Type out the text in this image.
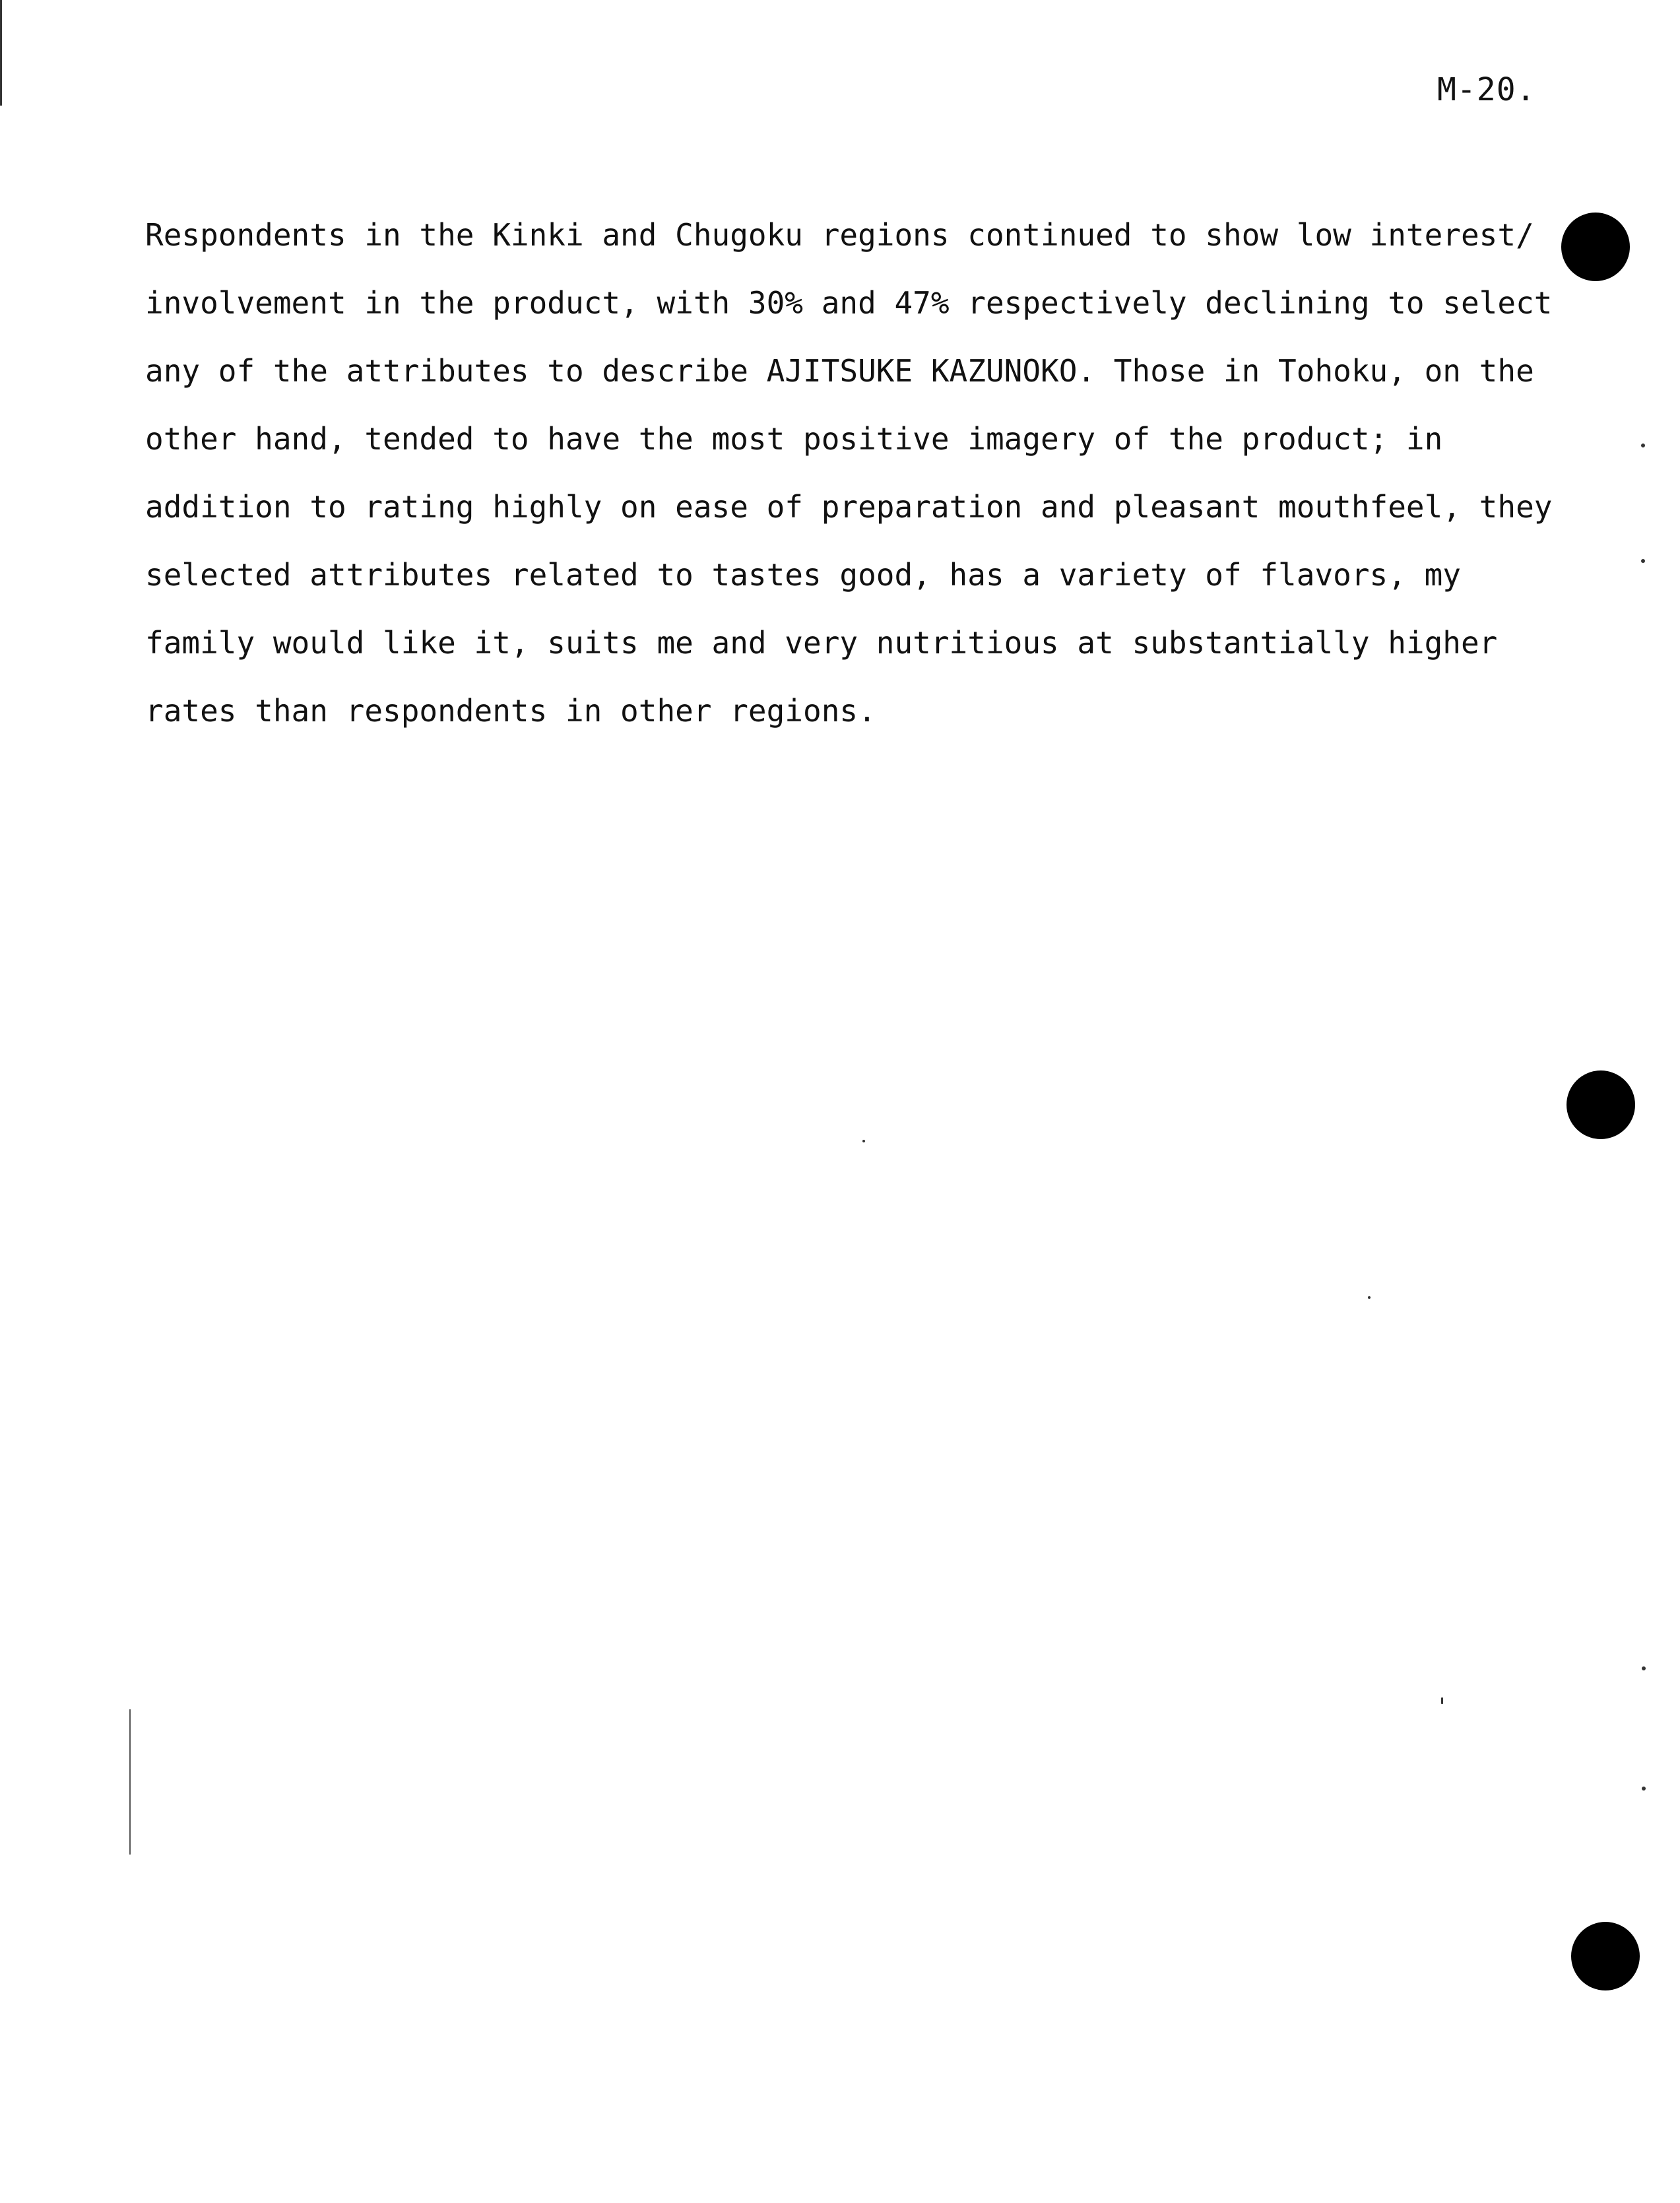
M-20.
Respondents in the Kinki and Chugoku regions continued to show low interest/
involvement in the product, with 30% and 47% respectively declining to select
any of the attributes to describe AJITSUKE KAZUNOKO. Those in Tohoku, on the
other hand, tended to have the most positive imagery of the product; in
addition to rating highly on ease of preparation and pleasant mouthfeel, they
selected attributes related to tastes good, has a variety of flavors, my
family would like it, suits me and very nutritious at substantially higher
rates than respondents in other regions.
